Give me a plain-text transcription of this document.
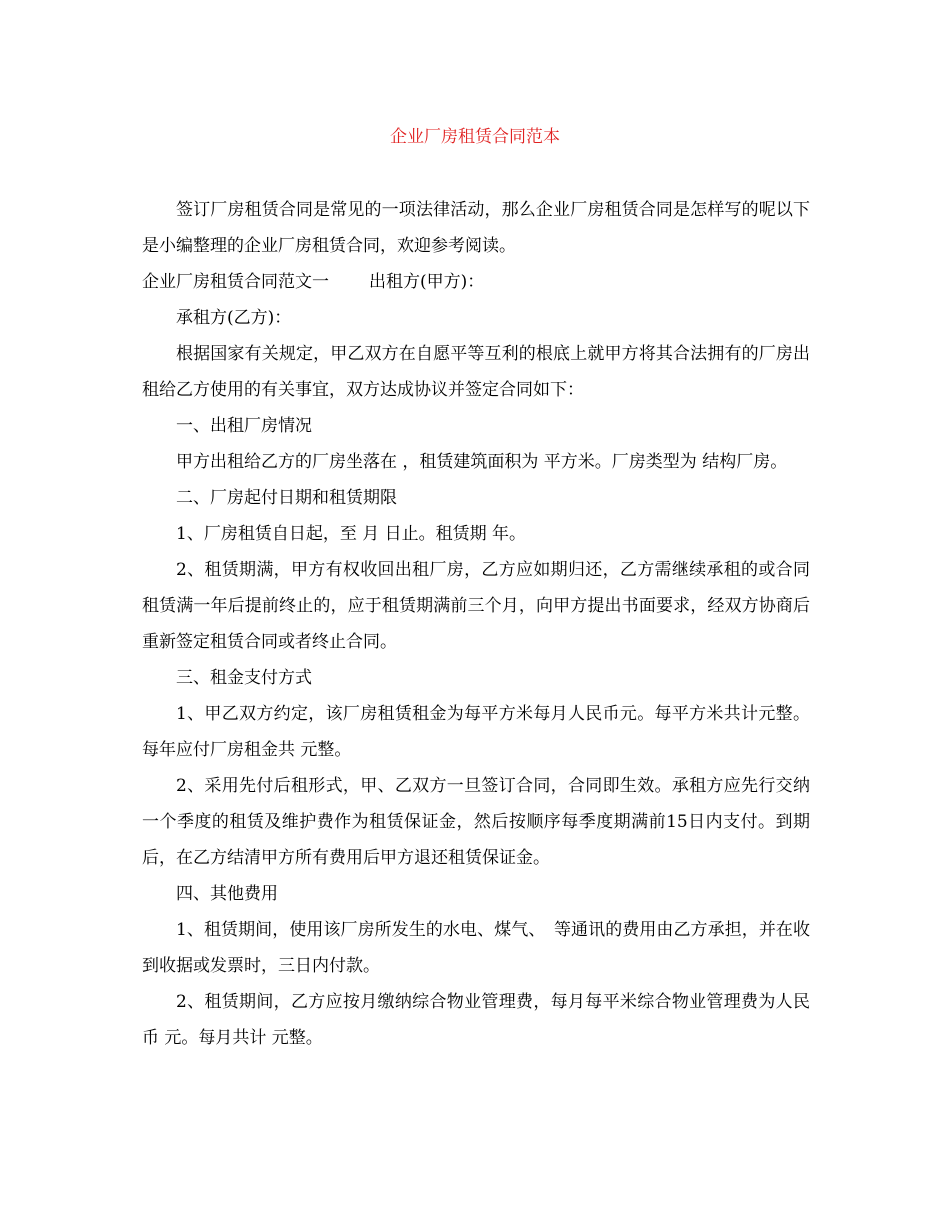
企业厂房租赁合同范本

签订厂房租赁合同是常见的一项法律活动，那么企业厂房租赁合同是怎样写的呢以下是小编整理的企业厂房租赁合同，欢迎参考阅读。

企业厂房租赁合同范文一 出租方(甲方)：

承租方(乙方)：

根据国家有关规定，甲乙双方在自愿平等互利的根底上就甲方将其合法拥有的厂房出租给乙方使用的有关事宜，双方达成协议并签定合同如下：

一、出租厂房情况

甲方出租给乙方的厂房坐落在 ，租赁建筑面积为 平方米。厂房类型为 结构厂房。

二、厂房起付日期和租赁期限

1、厂房租赁自日起，至 月 日止。租赁期 年。

2、租赁期满，甲方有权收回出租厂房，乙方应如期归还，乙方需继续承租的或合同租赁满一年后提前终止的，应于租赁期满前三个月，向甲方提出书面要求，经双方协商后重新签定租赁合同或者终止合同。

三、租金支付方式

1、甲乙双方约定，该厂房租赁租金为每平方米每月人民币元。每平方米共计元整。每年应付厂房租金共 元整。

2、采用先付后租形式，甲、乙双方一旦签订合同，合同即生效。承租方应先行交纳一个季度的租赁及维护费作为租赁保证金，然后按顺序每季度期满前15日内支付。到期后，在乙方结清甲方所有费用后甲方退还租赁保证金。

四、其他费用

1、租赁期间，使用该厂房所发生的水电、煤气、　等通讯的费用由乙方承担，并在收到收据或发票时，三日内付款。

2、租赁期间，乙方应按月缴纳综合物业管理费，每月每平米综合物业管理费为人民币 元。每月共计 元整。
